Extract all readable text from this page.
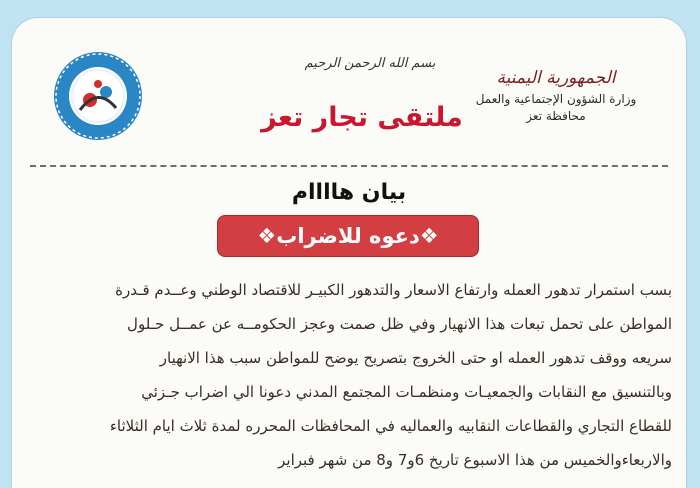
بسم الله الرحمن الرحيم
ملتقى تجار تعز
الجمهورية اليمنية
وزارة الشؤون الإجتماعية والعمل
محافظة تعز
بيان هاااام
❖دعوه للاضراب❖
بسب استمرار تدهور العمله وارتفاع الاسعار والتدهور الكبيـر للاقتصاد الوطني وعــدم قـدرة
المواطن على تحمل تبعات هذا الانهيار وفي ظل صمت وعجز الحكومــه عن عمــل حـلول
سريعه ووقف تدهور العمله او حتى الخروج بتصريح يوضح للمواطن سبب هذا الانهيار
وبالتنسيق مع النقابات والجمعيـات ومنظمـات المجتمع المدني دعونا الي اضراب جـزئي
للقطاع التجاري والقطاعات النقابيه والعماليه في المحافظات المحرره لمدة ثلاث ايام الثلاثاء
والاربعاءوالخميس من هذا الاسبوع تاريخ 6و7 و8 من شهر فبراير
